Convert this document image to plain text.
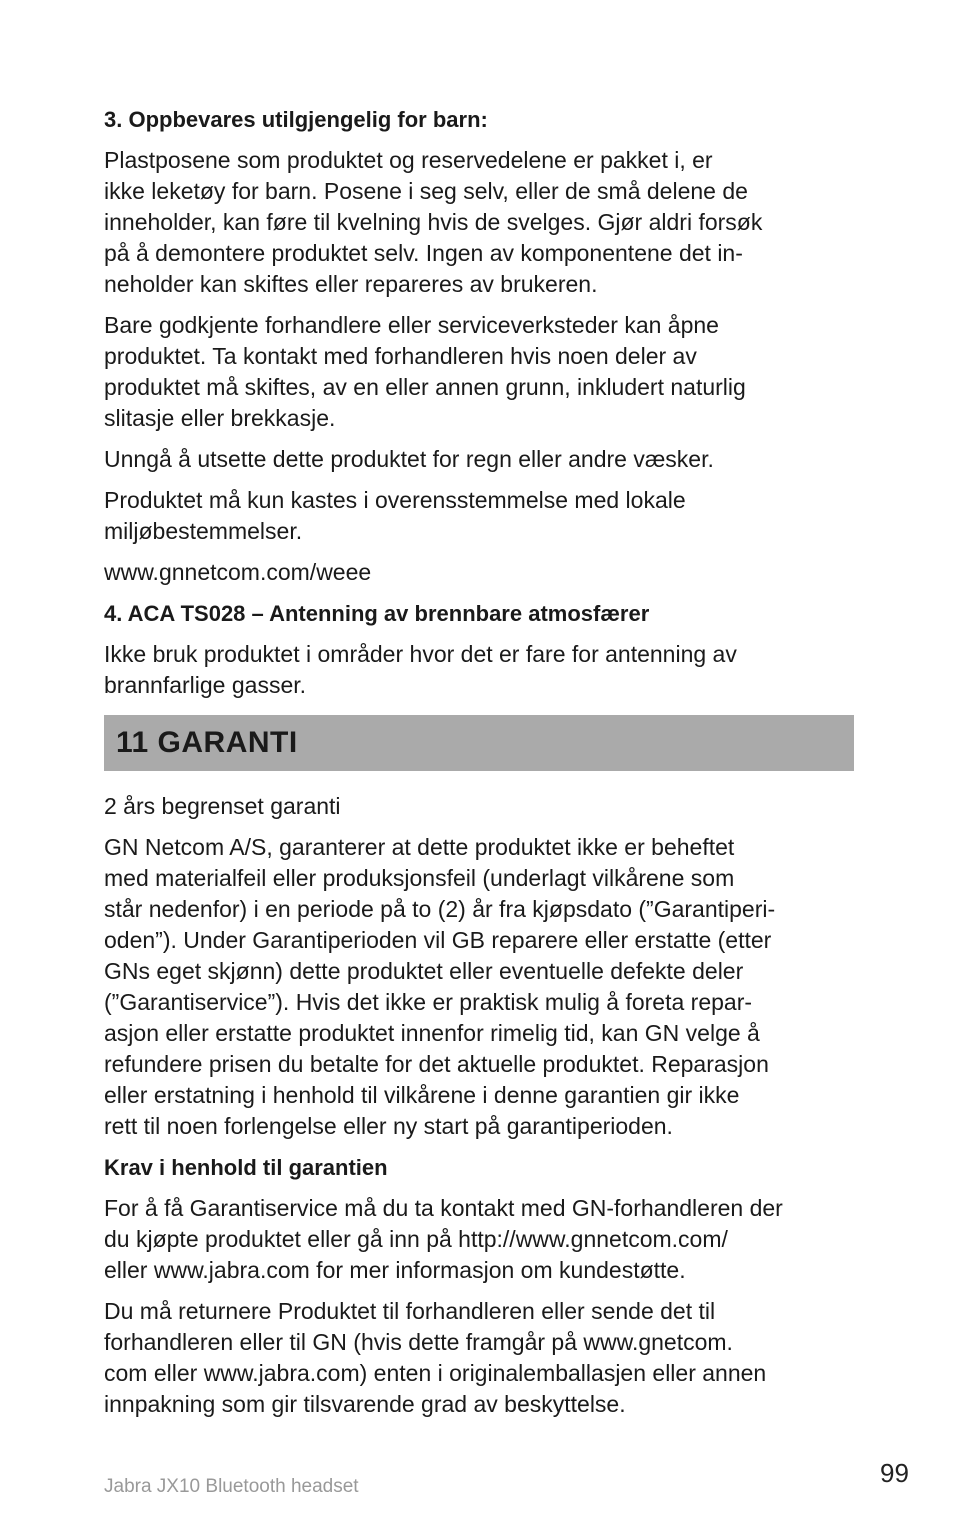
3. Oppbevares utilgjengelig for barn:

Plastposene som produktet og reservedelene er pakket i, er
ikke leketøy for barn. Posene i seg selv, eller de små delene de
inneholder, kan føre til kvelning hvis de svelges. Gjør aldri forsøk
på å demontere produktet selv. Ingen av komponentene det in-
neholder kan skiftes eller repareres av brukeren.

Bare godkjente forhandlere eller serviceverksteder kan åpne
produktet. Ta kontakt med forhandleren hvis noen deler av
produktet må skiftes, av en eller annen grunn, inkludert naturlig
slitasje eller brekkasje.

Unngå å utsette dette produktet for regn eller andre væsker.

Produktet må kun kastes i overensstemmelse med lokale
miljøbestemmelser.

www.gnnetcom.com/weee

4. ACA TS028 – Antenning av brennbare atmosfærer

Ikke bruk produktet i områder hvor det er fare for antenning av
brannfarlige gasser.

11 GARANTI

2 års begrenset garanti

GN Netcom A/S, garanterer at dette produktet ikke er beheftet
med materialfeil eller produksjonsfeil (underlagt vilkårene som
står nedenfor) i en periode på to (2) år fra kjøpsdato (”Garantiperi-
oden”). Under Garantiperioden vil GB reparere eller erstatte (etter
GNs eget skjønn) dette produktet eller eventuelle defekte deler
(”Garantiservice”). Hvis det ikke er praktisk mulig å foreta repar-
asjon eller erstatte produktet innenfor rimelig tid, kan GN velge å
refundere prisen du betalte for det aktuelle produktet. Reparasjon
eller erstatning i henhold til vilkårene i denne garantien gir ikke
rett til noen forlengelse eller ny start på garantiperioden.

Krav i henhold til garantien

For å få Garantiservice må du ta kontakt med GN-forhandleren der
du kjøpte produktet eller gå inn på http://www.gnnetcom.com/
eller www.jabra.com for mer informasjon om kundestøtte.

Du må returnere Produktet til forhandleren eller sende det til
forhandleren eller til GN (hvis dette framgår på www.gnetcom.
com eller www.jabra.com) enten i originalemballasjen eller annen
innpakning som gir tilsvarende grad av beskyttelse.

Jabra JX10 Bluetooth headset	99
